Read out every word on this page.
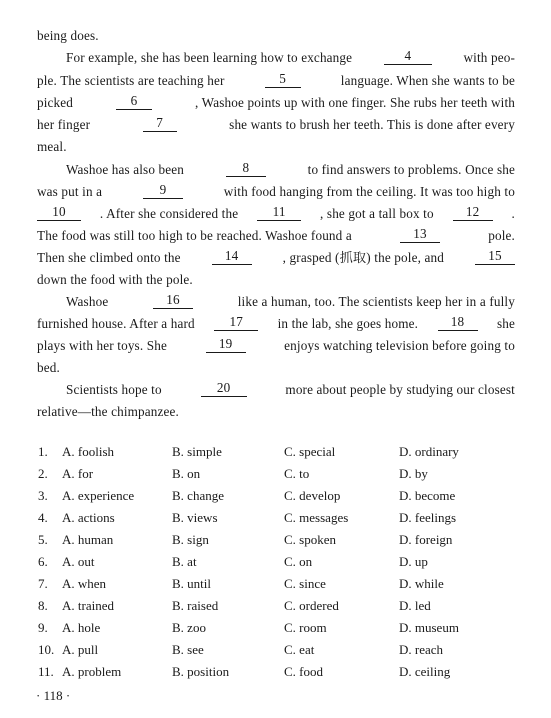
being does.
For example, she has been learning how to exchange	4	with peo-
ple. The scientists are teaching her	5	language. When she wants to be
picked	6	, Washoe points up with one finger. She rubs her teeth with
her finger	7	she wants to brush her teeth. This is done after every
meal.
Washoe has also been	8	to find answers to problems. Once she
was put in a	9	with food hanging from the ceiling. It was too high to
10	. After she considered the	11	, she got a tall box to	12	.
The food was still too high to be reached. Washoe found a	13	pole.
Then she climbed onto the	14	, grasped (抓取) the pole, and	15
down the food with the pole.
Washoe	16	like a human, too. The scientists keep her in a fully
furnished house. After a hard	17	in the lab, she goes home.	18	she
plays with her toys. She	19	enjoys watching television before going to
bed.
Scientists hope to	20	more about people by studying our closest
relative—the chimpanzee.
1.	A. foolish	B. simple	C. special	D. ordinary
2.	A. for	B. on	C. to	D. by
3.	A. experience	B. change	C. develop	D. become
4.	A. actions	B. views	C. messages	D. feelings
5.	A. human	B. sign	C. spoken	D. foreign
6.	A. out	B. at	C. on	D. up
7.	A. when	B. until	C. since	D. while
8.	A. trained	B. raised	C. ordered	D. led
9.	A. hole	B. zoo	C. room	D. museum
10. A. pull	B. see	C. eat	D. reach
11. A. problem	B. position	C. food	D. ceiling
· 118 ·
